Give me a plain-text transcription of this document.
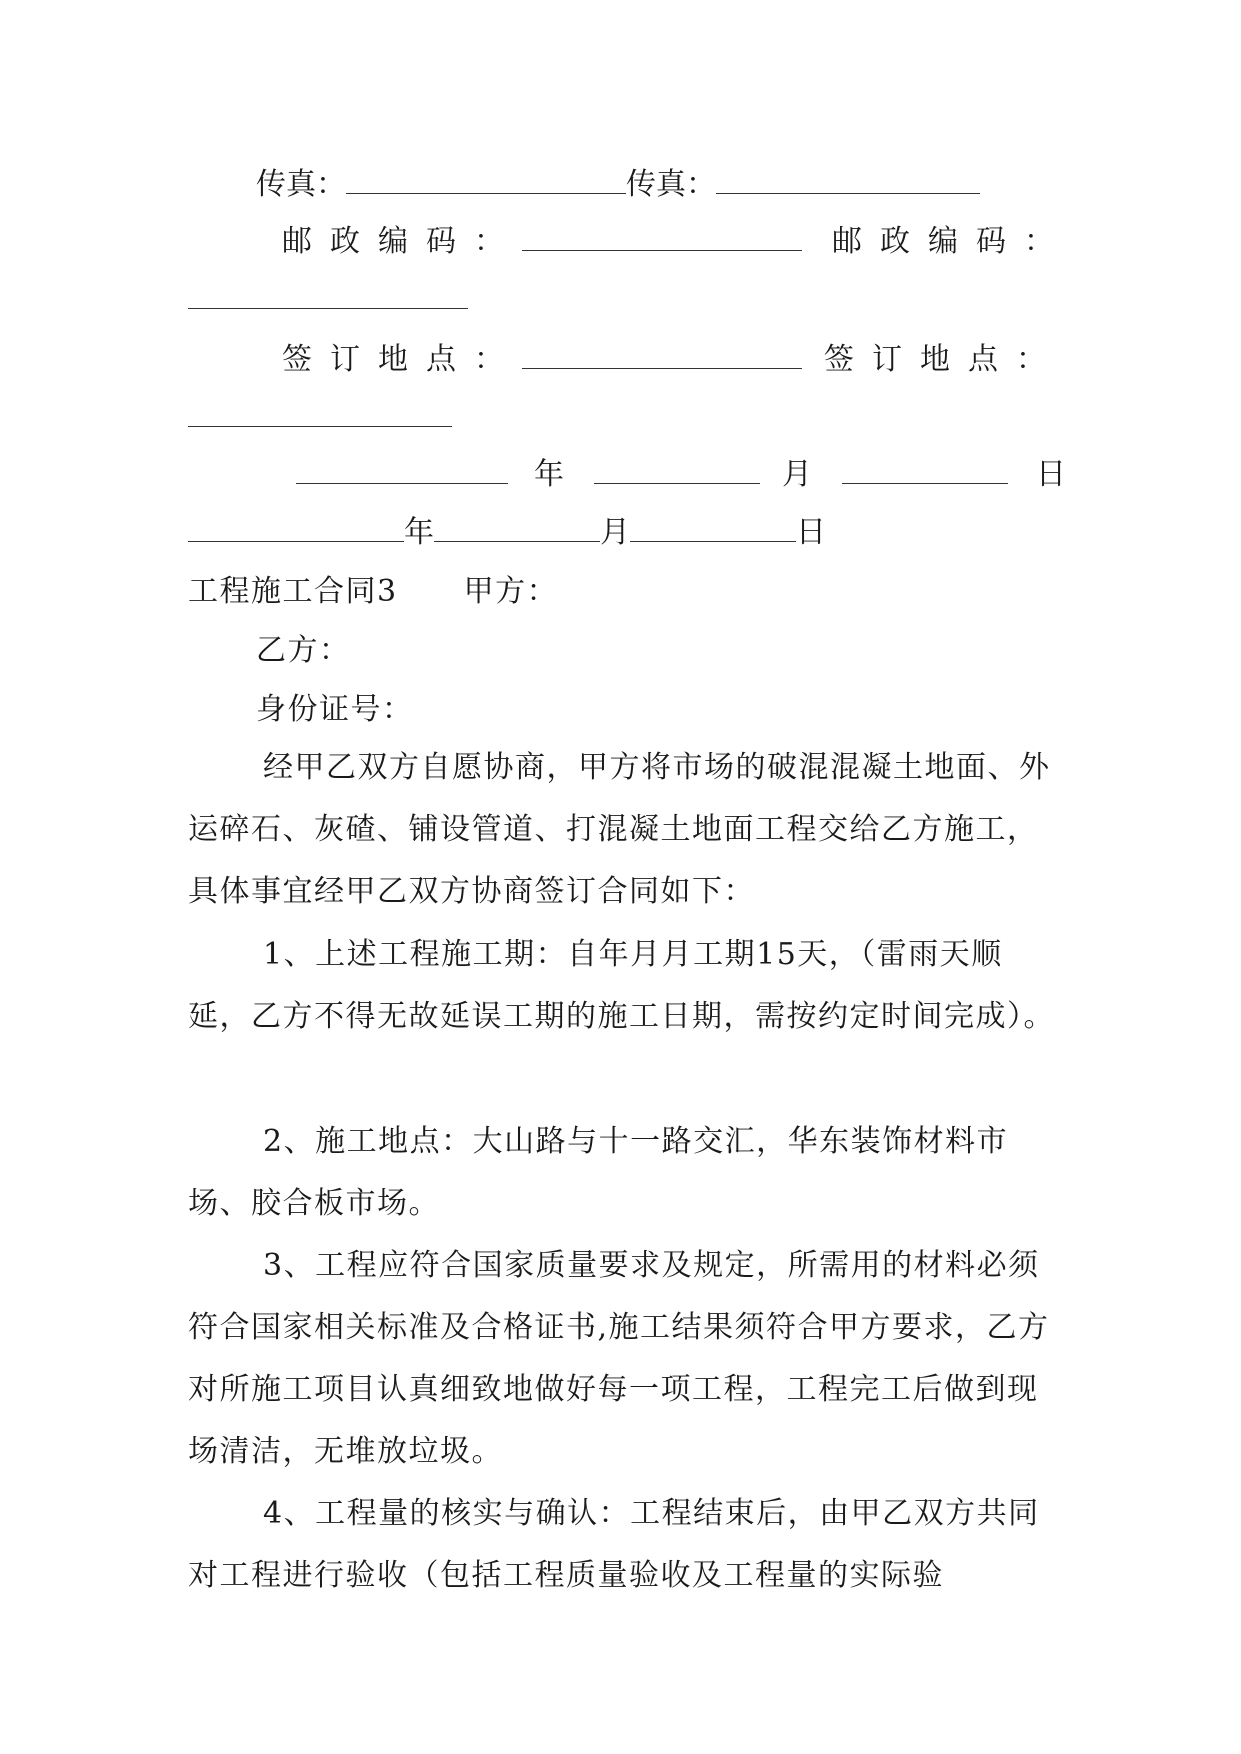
传真：	传真：
邮政编码：	邮政编码：
签订地点：	签订地点：
年	月	日
年	月	日
工程施工合同3 甲方：
乙方：
身份证号：
经甲乙双方自愿协商，甲方将市场的破混混凝土地面、外运碎石、灰碴、铺设管道、打混凝土地面工程交给乙方施工，具体事宜经甲乙双方协商签订合同如下：
1、上述工程施工期：自年月月工期15天，（雷雨天顺延，乙方不得无故延误工期的施工日期，需按约定时间完成）。
2、施工地点：大山路与十一路交汇，华东装饰材料市场、胶合板市场。
3、工程应符合国家质量要求及规定，所需用的材料必须符合国家相关标准及合格证书,施工结果须符合甲方要求，乙方对所施工项目认真细致地做好每一项工程，工程完工后做到现场清洁，无堆放垃圾。
4、工程量的核实与确认：工程结束后，由甲乙双方共同对工程进行验收（包括工程质量验收及工程量的实际验
